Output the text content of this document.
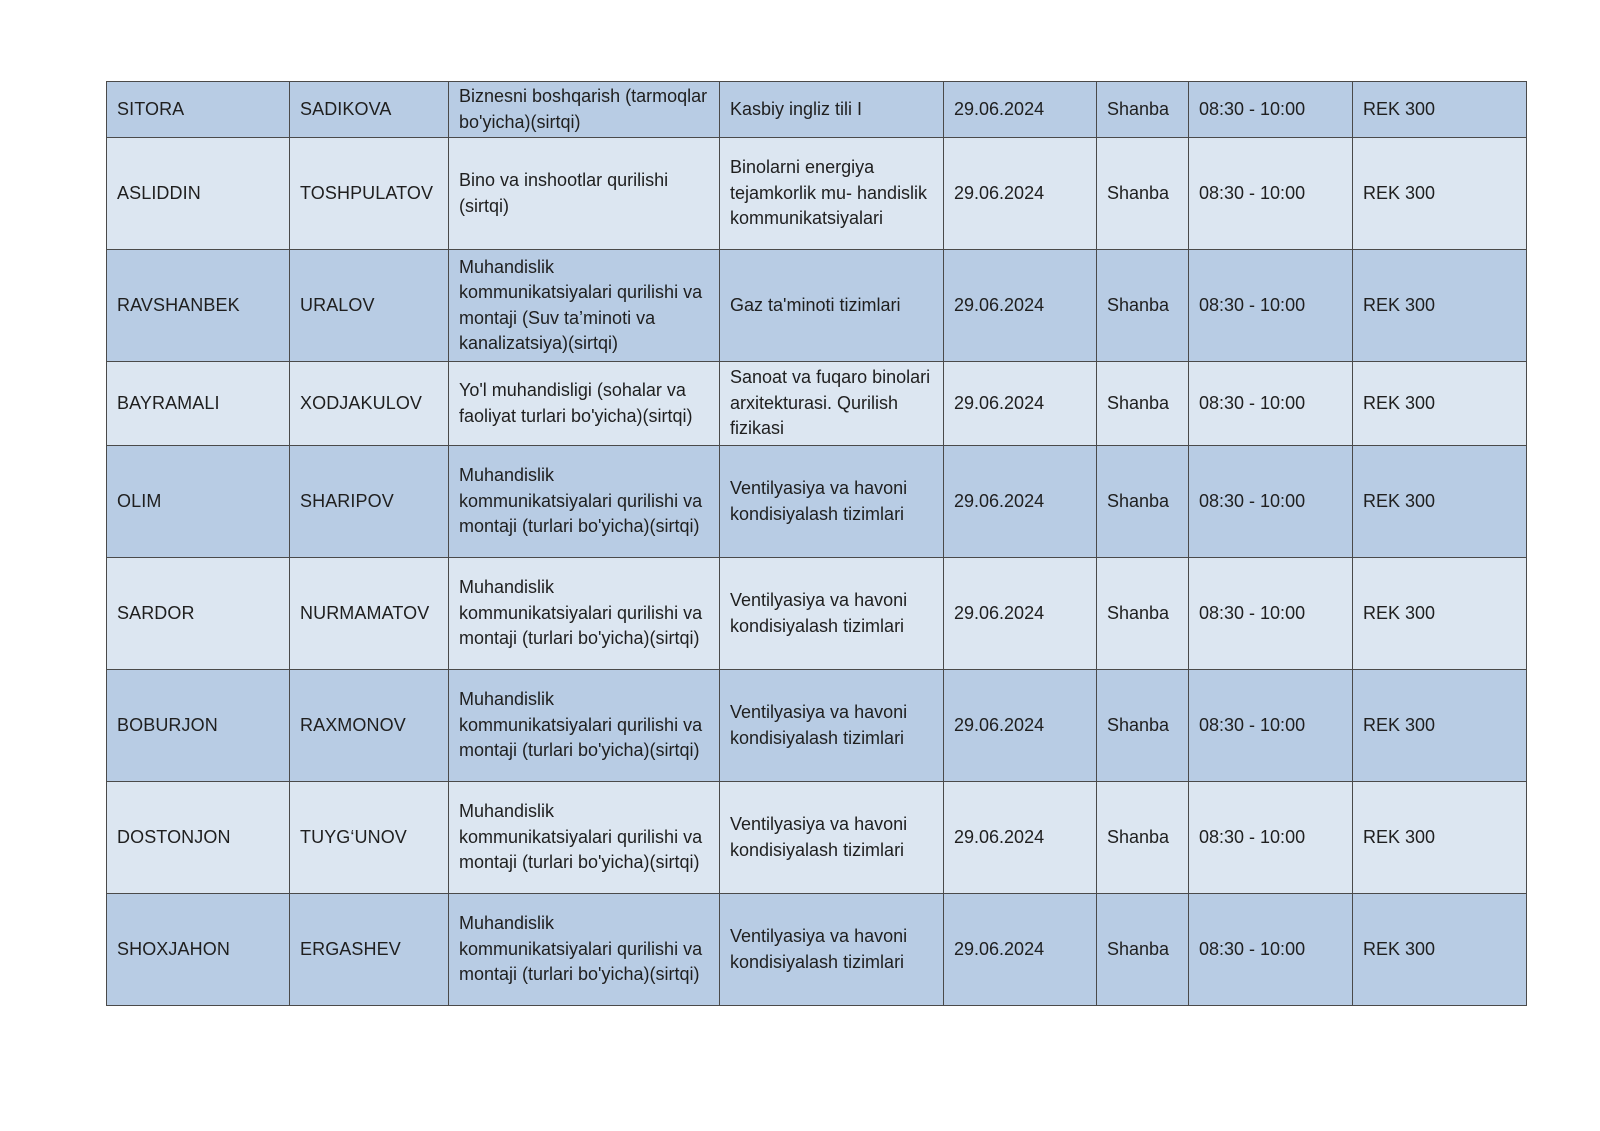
SITORA	SADIKOVA	Biznesni boshqarish (tarmoqlar bo'yicha)(sirtqi)	Kasbiy ingliz tili I	29.06.2024	Shanba	08:30 - 10:00	REK 300
ASLIDDIN	TOSHPULATOV	Bino va inshootlar qurilishi (sirtqi)	Binolarni energiya tejamkorlik mu- handislik kommunikatsiyalari	29.06.2024	Shanba	08:30 - 10:00	REK 300
RAVSHANBEK	URALOV	Muhandislik kommunikatsiyalari qurilishi va montaji (Suv ta’minoti va kanalizatsiya)(sirtqi)	Gaz ta'minoti tizimlari	29.06.2024	Shanba	08:30 - 10:00	REK 300
BAYRAMALI	XODJAKULOV	Yo'l muhandisligi (sohalar va faoliyat turlari bo'yicha)(sirtqi)	Sanoat va fuqaro binolari arxitekturasi. Qurilish fizikasi	29.06.2024	Shanba	08:30 - 10:00	REK 300
OLIM	SHARIPOV	Muhandislik kommunikatsiyalari qurilishi va montaji (turlari bo'yicha)(sirtqi)	Ventilyasiya va havoni kondisiyalash tizimlari	29.06.2024	Shanba	08:30 - 10:00	REK 300
SARDOR	NURMAMATOV	Muhandislik kommunikatsiyalari qurilishi va montaji (turlari bo'yicha)(sirtqi)	Ventilyasiya va havoni kondisiyalash tizimlari	29.06.2024	Shanba	08:30 - 10:00	REK 300
BOBURJON	RAXMONOV	Muhandislik kommunikatsiyalari qurilishi va montaji (turlari bo'yicha)(sirtqi)	Ventilyasiya va havoni kondisiyalash tizimlari	29.06.2024	Shanba	08:30 - 10:00	REK 300
DOSTONJON	TUYG‘UNOV	Muhandislik kommunikatsiyalari qurilishi va montaji (turlari bo'yicha)(sirtqi)	Ventilyasiya va havoni kondisiyalash tizimlari	29.06.2024	Shanba	08:30 - 10:00	REK 300
SHOXJAHON	ERGASHEV	Muhandislik kommunikatsiyalari qurilishi va montaji (turlari bo'yicha)(sirtqi)	Ventilyasiya va havoni kondisiyalash tizimlari	29.06.2024	Shanba	08:30 - 10:00	REK 300
